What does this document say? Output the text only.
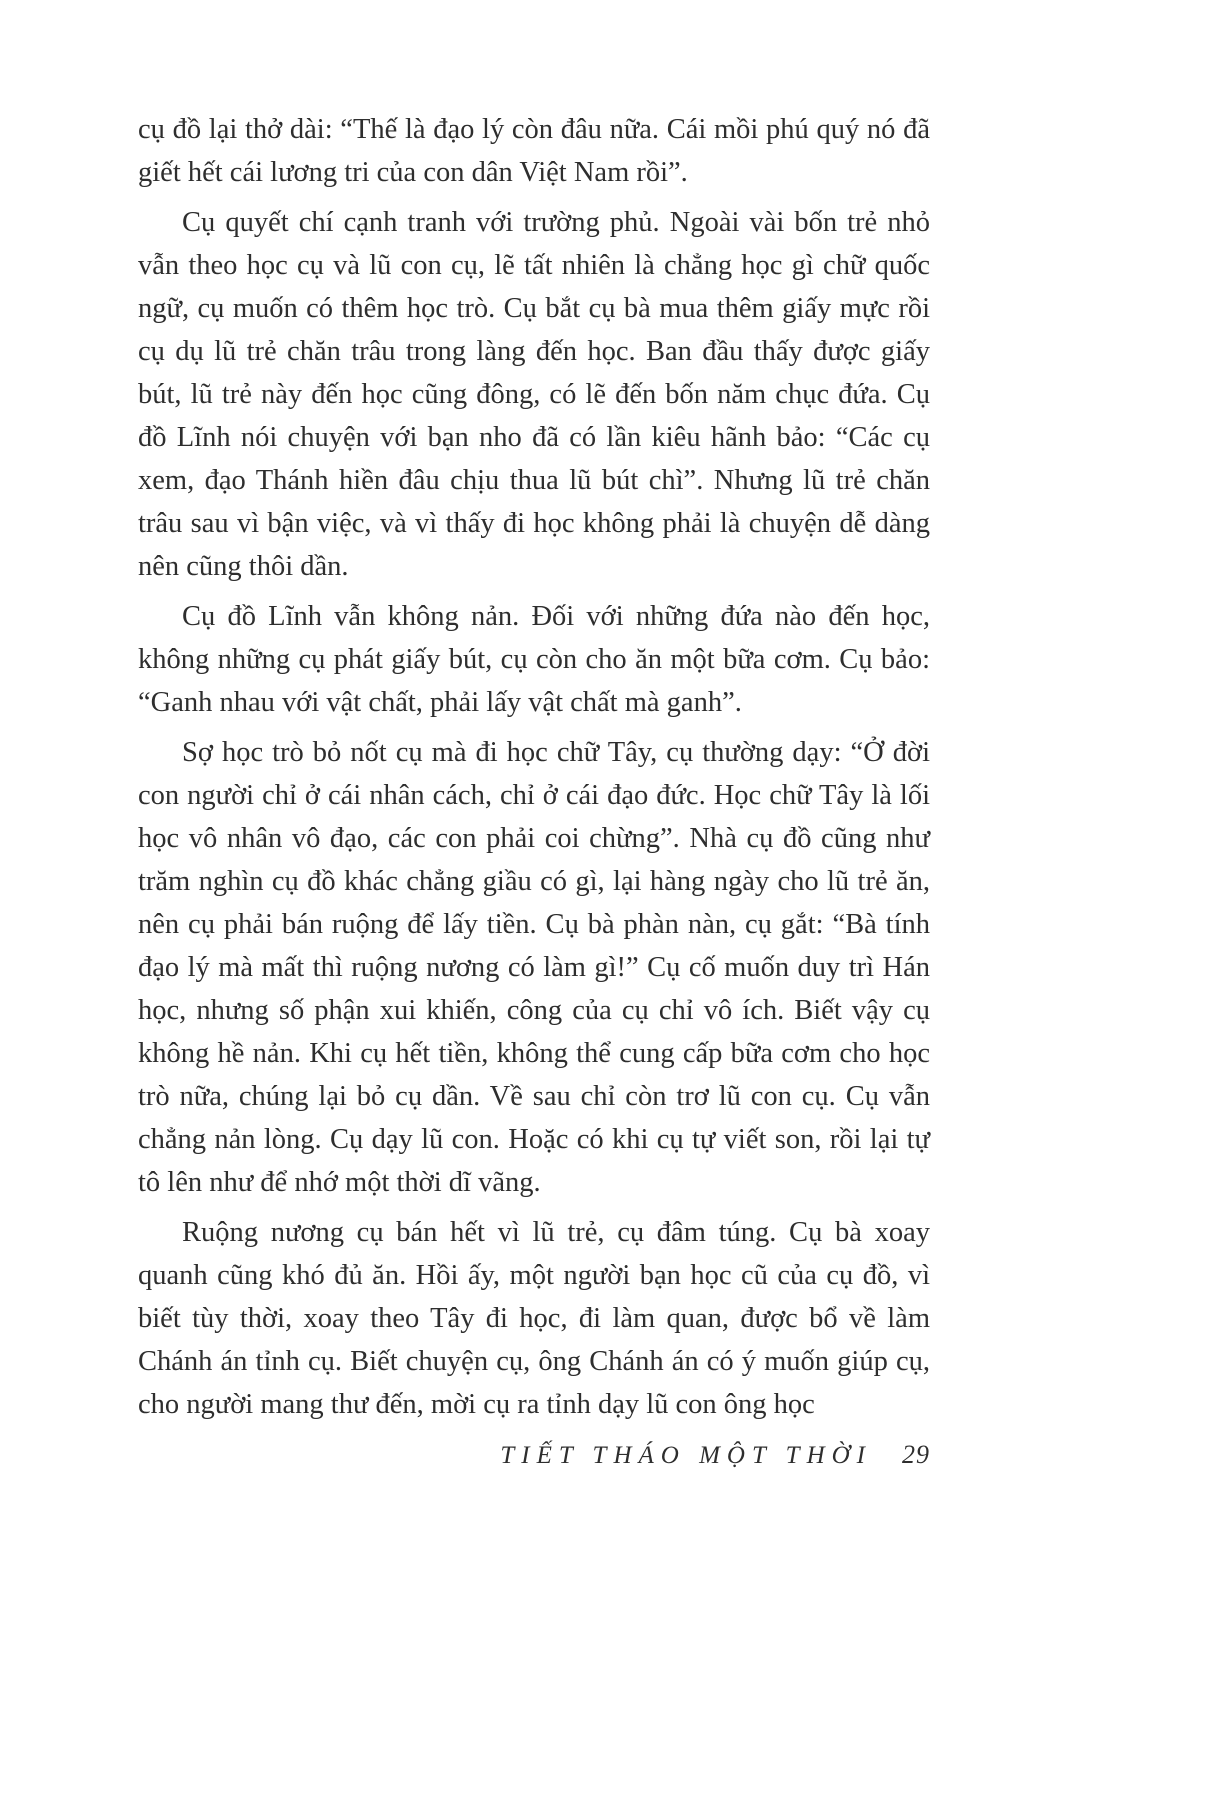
cụ đồ lại thở dài: “Thế là đạo lý còn đâu nữa. Cái mồi phú quý nó đã giết hết cái lương tri của con dân Việt Nam rồi”.

Cụ quyết chí cạnh tranh với trường phủ. Ngoài vài bốn trẻ nhỏ vẫn theo học cụ và lũ con cụ, lẽ tất nhiên là chẳng học gì chữ quốc ngữ, cụ muốn có thêm học trò. Cụ bắt cụ bà mua thêm giấy mực rồi cụ dụ lũ trẻ chăn trâu trong làng đến học. Ban đầu thấy được giấy bút, lũ trẻ này đến học cũng đông, có lẽ đến bốn năm chục đứa. Cụ đồ Lĩnh nói chuyện với bạn nho đã có lần kiêu hãnh bảo: “Các cụ xem, đạo Thánh hiền đâu chịu thua lũ bút chì”. Nhưng lũ trẻ chăn trâu sau vì bận việc, và vì thấy đi học không phải là chuyện dễ dàng nên cũng thôi dần.

Cụ đồ Lĩnh vẫn không nản. Đối với những đứa nào đến học, không những cụ phát giấy bút, cụ còn cho ăn một bữa cơm. Cụ bảo: “Ganh nhau với vật chất, phải lấy vật chất mà ganh”.

Sợ học trò bỏ nốt cụ mà đi học chữ Tây, cụ thường dạy: “Ở đời con người chỉ ở cái nhân cách, chỉ ở cái đạo đức. Học chữ Tây là lối học vô nhân vô đạo, các con phải coi chừng”. Nhà cụ đồ cũng như trăm nghìn cụ đồ khác chẳng giầu có gì, lại hàng ngày cho lũ trẻ ăn, nên cụ phải bán ruộng để lấy tiền. Cụ bà phàn nàn, cụ gắt: “Bà tính đạo lý mà mất thì ruộng nương có làm gì!” Cụ cố muốn duy trì Hán học, nhưng số phận xui khiến, công của cụ chỉ vô ích. Biết vậy cụ không hề nản. Khi cụ hết tiền, không thể cung cấp bữa cơm cho học trò nữa, chúng lại bỏ cụ dần. Về sau chỉ còn trơ lũ con cụ. Cụ vẫn chẳng nản lòng. Cụ dạy lũ con. Hoặc có khi cụ tự viết son, rồi lại tự tô lên như để nhớ một thời dĩ vãng.

Ruộng nương cụ bán hết vì lũ trẻ, cụ đâm túng. Cụ bà xoay quanh cũng khó đủ ăn. Hồi ấy, một người bạn học cũ của cụ đồ, vì biết tùy thời, xoay theo Tây đi học, đi làm quan, được bổ về làm Chánh án tỉnh cụ. Biết chuyện cụ, ông Chánh án có ý muốn giúp cụ, cho người mang thư đến, mời cụ ra tỉnh dạy lũ con ông học

TIẾT THÁO MỘT THỜI 29
